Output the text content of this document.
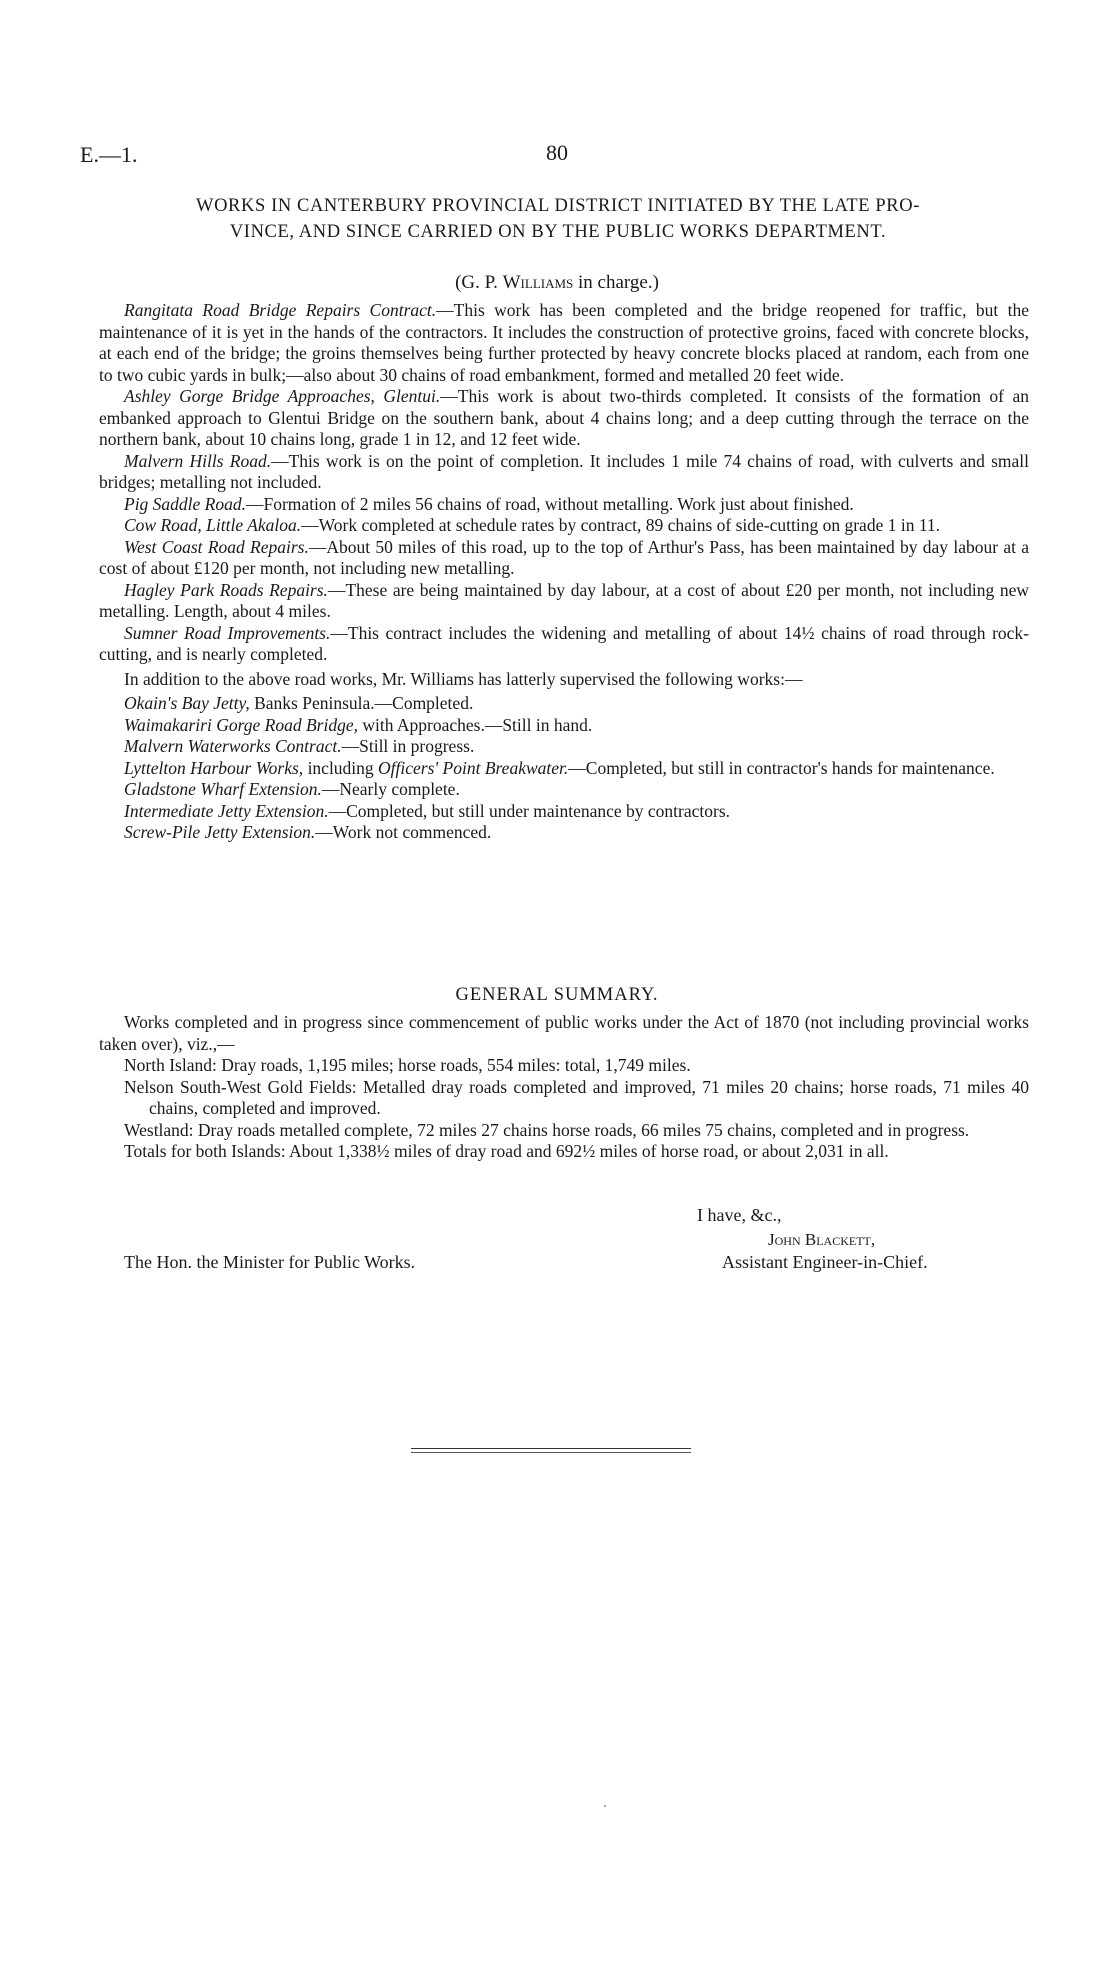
E.—1.	80
WORKS IN CANTERBURY PROVINCIAL DISTRICT INITIATED BY THE LATE PRO-
VINCE, AND SINCE CARRIED ON BY THE PUBLIC WORKS DEPARTMENT.
(G. P. Williams in charge.)

Rangitata Road Bridge Repairs Contract.—This work has been completed and the bridge reopened for traffic, but the maintenance of it is yet in the hands of the contractors. It includes the construction of protective groins, faced with concrete blocks, at each end of the bridge; the groins themselves being further protected by heavy concrete blocks placed at random, each from one to two cubic yards in bulk;—also about 30 chains of road embankment, formed and metalled 20 feet wide.

Ashley Gorge Bridge Approaches, Glentui.—This work is about two-thirds completed. It consists of the formation of an embanked approach to Glentui Bridge on the southern bank, about 4 chains long; and a deep cutting through the terrace on the northern bank, about 10 chains long, grade 1 in 12, and 12 feet wide.

Malvern Hills Road.—This work is on the point of completion. It includes 1 mile 74 chains of road, with culverts and small bridges; metalling not included.

Pig Saddle Road.—Formation of 2 miles 56 chains of road, without metalling. Work just about finished.

Cow Road, Little Akaloa.—Work completed at schedule rates by contract, 89 chains of side-cutting on grade 1 in 11.

West Coast Road Repairs.—About 50 miles of this road, up to the top of Arthur's Pass, has been maintained by day labour at a cost of about £120 per month, not including new metalling.

Hagley Park Roads Repairs.—These are being maintained by day labour, at a cost of about £20 per month, not including new metalling. Length, about 4 miles.

Sumner Road Improvements.—This contract includes the widening and metalling of about 14½ chains of road through rock-cutting, and is nearly completed.

In addition to the above road works, Mr. Williams has latterly supervised the following works:—

Okain's Bay Jetty, Banks Peninsula.—Completed.

Waimakariri Gorge Road Bridge, with Approaches.—Still in hand.

Malvern Waterworks Contract.—Still in progress.

Lyttelton Harbour Works, including Officers' Point Breakwater.—Completed, but still in contractor's hands for maintenance.

Gladstone Wharf Extension.—Nearly complete.

Intermediate Jetty Extension.—Completed, but still under maintenance by contractors.

Screw-Pile Jetty Extension.—Work not commenced.

GENERAL SUMMARY.

Works completed and in progress since commencement of public works under the Act of 1870 (not including provincial works taken over), viz.,—

North Island: Dray roads, 1,195 miles; horse roads, 554 miles: total, 1,749 miles.

Nelson South-West Gold Fields: Metalled dray roads completed and improved, 71 miles 20 chains; horse roads, 71 miles 40 chains, completed and improved.

Westland: Dray roads metalled complete, 72 miles 27 chains horse roads, 66 miles 75 chains, completed and in progress.

Totals for both Islands: About 1,338½ miles of dray road and 692½ miles of horse road, or about 2,031 in all.

I have, &c.,
John Blackett,
Assistant Engineer-in-Chief.
The Hon. the Minister for Public Works.
